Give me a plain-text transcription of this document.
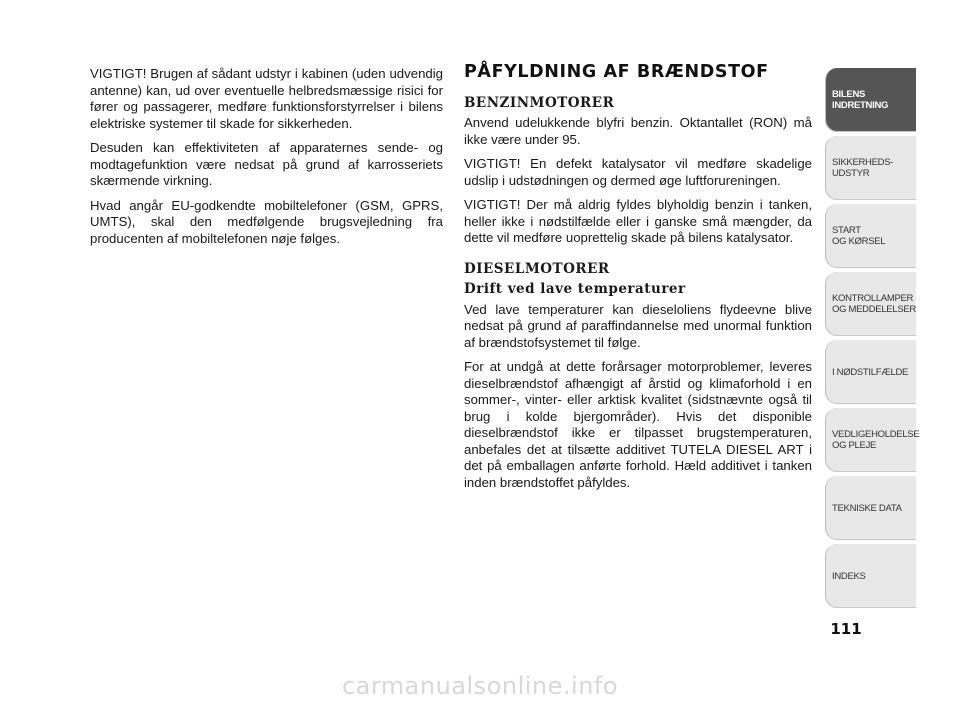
VIGTIGT! Brugen af sådant udstyr i kabinen (uden udvendig antenne) kan, ud over eventuelle helbredsmæssige risici for fører og passagerer, medføre funktionsforstyrrelser i bilens elektriske systemer til skade for sikkerheden.

Desuden kan effektiviteten af apparaternes sende- og modtagefunktion være nedsat på grund af karrosseriets skærmende virkning.

Hvad angår EU-godkendte mobiltelefoner (GSM, GPRS, UMTS), skal den medfølgende brugsvejledning fra producenten af mobiltelefonen nøje følges.

PÅFYLDNING AF BRÆNDSTOF
BENZINMOTORER

Anvend udelukkende blyfri benzin. Oktantallet (RON) må ikke være under 95.

VIGTIGT! En defekt katalysator vil medføre skadelige udslip i udstødningen og dermed øge luftforureningen.

VIGTIGT! Der må aldrig fyldes blyholdig benzin i tanken, heller ikke i nødstilfælde eller i ganske små mængder, da dette vil medføre uoprettelig skade på bilens katalysator.

DIESELMOTORER
Drift ved lave temperaturer

Ved lave temperaturer kan dieseloliens flydeevne blive nedsat på grund af paraffindannelse med unormal funktion af brændstofsystemet til følge.

For at undgå at dette forårsager motorproblemer, leveres dieselbrændstof afhængigt af årstid og klimaforhold i en sommer-, vinter- eller arktisk kvalitet (sidstnævnte også til brug i kolde bjergområder). Hvis det disponible dieselbrændstof ikke er tilpasset brugstemperaturen, anbefales det at tilsætte additivet TUTELA DIESEL ART i det på emballagen anførte forhold. Hæld additivet i tanken inden brændstoffet påfyldes.

BILENS
INDRETNING
SIKKERHEDS-
UDSTYR
START
OG KØRSEL
KONTROLLAMPER
OG MEDDELELSER
I NØDSTILFÆLDE
VEDLIGEHOLDELSE
OG PLEJE
TEKNISKE DATA
INDEKS
111
carmanualsonline.info
